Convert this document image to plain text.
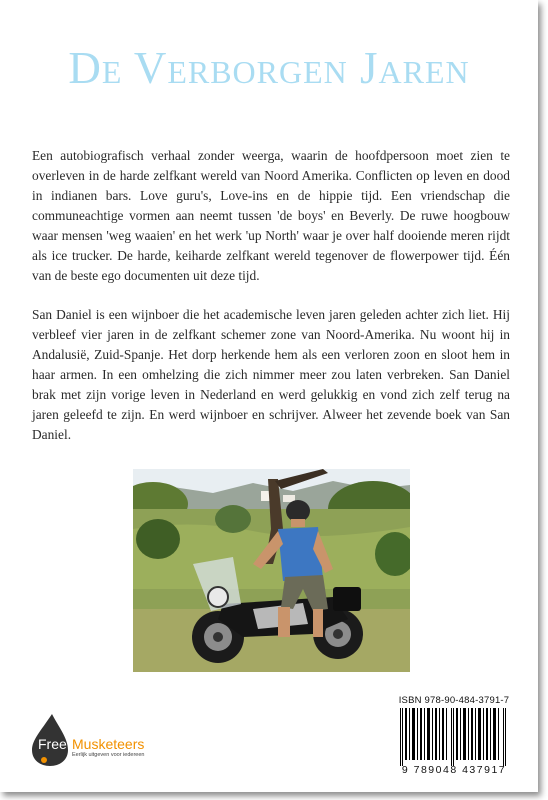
De Verborgen Jaren

Een autobiografisch verhaal zonder weerga, waarin de hoofdpersoon moet zien te overleven in de harde zelfkant wereld van Noord Amerika. Conflicten op leven en dood in indianen bars. Love guru's, Love-ins en de hippie tijd. Een vriendschap die communeachtige vormen aan neemt tussen 'de boys' en Beverly. De ruwe hoogbouw waar mensen 'weg waaien' en het werk 'up North' waar je over half dooiende meren rijdt als ice trucker. De harde, keiharde zelfkant wereld tegenover de flowerpower tijd. Één van de beste ego documenten uit deze tijd.

San Daniel is een wijnboer die het academische leven jaren geleden achter zich liet. Hij verbleef vier jaren in de zelfkant schemer zone van Noord-Amerika. Nu woont hij in Andalusië, Zuid-Spanje. Het dorp herkende hem als een verloren zoon en sloot hem in haar armen. In een omhelzing die zich nimmer meer zou laten verbreken. San Daniel brak met zijn vorige leven in Nederland en werd gelukkig en vond zich zelf terug na jaren geleefd te zijn. En werd wijnboer en schrijver. Alweer het zevende boek van San Daniel.

Free Musketeers
Eerlijk uitgeven voor iedereen
ISBN 978-90-484-3791-7
9 789048 437917
